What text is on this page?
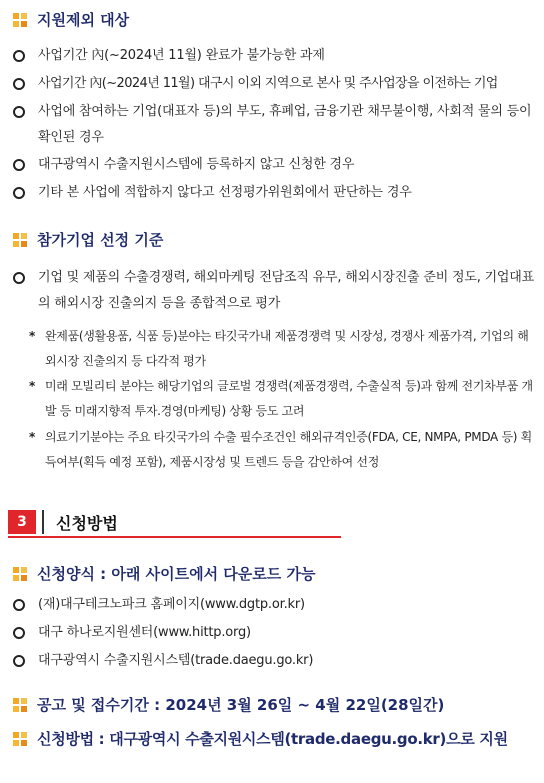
지원제외 대상
사업기간 內(~2024년 11월) 완료가 불가능한 과제
사업기간 內(~2024년 11월) 대구시 이외 지역으로 본사 및 주사업장을 이전하는 기업
사업에 참여하는 기업(대표자 등)의 부도, 휴폐업, 금융기관 채무불이행, 사회적 물의 등이 확인된 경우
대구광역시 수출지원시스템에 등록하지 않고 신청한 경우
기타 본 사업에 적합하지 않다고 선정평가위원회에서 판단하는 경우
참가기업 선정 기준
기업 및 제품의 수출경쟁력, 해외마케팅 전담조직 유무, 해외시장진출 준비 정도, 기업대표의 해외시장 진출의지 등을 종합적으로 평가
* 완제품(생활용품, 식품 등)분야는 타깃국가내 제품경쟁력 및 시장성, 경쟁사 제품가격, 기업의 해외시장 진출의지 등 다각적 평가
* 미래 모빌리티 분야는 해당기업의 글로벌 경쟁력(제품경쟁력, 수출실적 등)과 함께 전기차부품 개발 등 미래지향적 투자.경영(마케팅) 상황 등도 고려
* 의료기기분야는 주요 타깃국가의 수출 필수조건인 해외규격인증(FDA, CE, NMPA, PMDA 등) 획득여부(획득 예정 포함), 제품시장성 및 트렌드 등을 감안하여 선정
3	신청방법
신청양식 : 아래 사이트에서 다운로드 가능
(재)대구테크노파크 홈페이지(www.dgtp.or.kr)
대구 하나로지원센터(www.hittp.org)
대구광역시 수출지원시스템(trade.daegu.go.kr)
공고 및 접수기간 : 2024년 3월 26일 ~ 4월 22일(28일간)
신청방법 : 대구광역시 수출지원시스템(trade.daegu.go.kr)으로 지원
